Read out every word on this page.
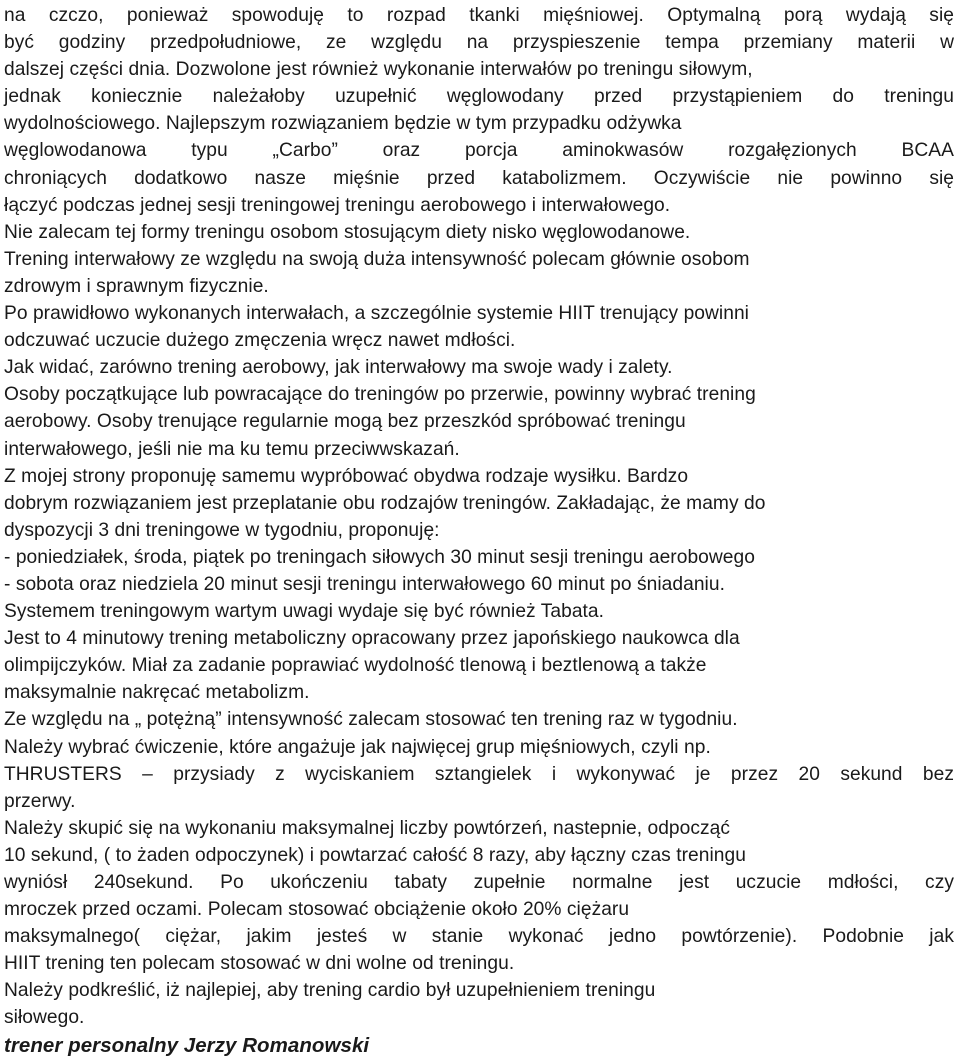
na czczo, ponieważ spowoduję to rozpad tkanki mięśniowej. Optymalną porą wydają się
być godziny przedpołudniowe, ze względu na przyspieszenie tempa przemiany materii w
dalszej części dnia. Dozwolone jest również wykonanie interwałów po treningu siłowym,
jednak koniecznie należałoby uzupełnić węglowodany przed przystąpieniem do treningu
wydolnościowego. Najlepszym rozwiązaniem będzie w tym przypadku odżywka
węglowodanowa typu „Carbo” oraz porcja aminokwasów rozgałęzionych BCAA
chroniących dodatkowo nasze mięśnie przed katabolizmem. Oczywiście nie powinno się
łączyć podczas jednej sesji treningowej treningu aerobowego i interwałowego.
Nie zalecam tej formy treningu osobom stosującym diety nisko węglowodanowe.
Trening interwałowy ze względu na swoją duża intensywność polecam głównie osobom
zdrowym i sprawnym fizycznie.
Po prawidłowo wykonanych interwałach, a szczególnie systemie HIIT trenujący powinni
odczuwać uczucie dużego zmęczenia wręcz nawet mdłości.
Jak widać, zarówno trening aerobowy, jak interwałowy ma swoje wady i zalety.
Osoby początkujące lub powracające do treningów po przerwie, powinny wybrać trening
aerobowy. Osoby trenujące regularnie mogą bez przeszkód spróbować treningu
interwałowego, jeśli nie ma ku temu przeciwwskazań.
Z mojej strony proponuję samemu wypróbować obydwa rodzaje wysiłku. Bardzo
dobrym rozwiązaniem jest przeplatanie obu rodzajów treningów. Zakładając, że mamy do
dyspozycji 3 dni treningowe w tygodniu, proponuję:
- poniedziałek, środa, piątek po treningach siłowych 30 minut sesji treningu aerobowego
- sobota oraz niedziela 20 minut sesji treningu interwałowego 60 minut po śniadaniu.
Systemem treningowym wartym uwagi wydaje się być również Tabata.
Jest to 4 minutowy trening metaboliczny opracowany przez japońskiego naukowca dla
olimpijczyków. Miał za zadanie poprawiać wydolność tlenową i beztlenową a także
maksymalnie nakręcać metabolizm.
Ze względu na „ potężną” intensywność zalecam stosować ten trening raz w tygodniu.
Należy wybrać ćwiczenie, które angażuje jak najwięcej grup mięśniowych, czyli np.
THRUSTERS – przysiady z wyciskaniem sztangielek i wykonywać je przez 20 sekund bez
przerwy.
Należy skupić się na wykonaniu maksymalnej liczby powtórzeń, nastepnie, odpocząć
10 sekund, ( to żaden odpoczynek) i powtarzać całość 8 razy, aby łączny czas treningu
wyniósł 240sekund. Po ukończeniu tabaty zupełnie normalne jest uczucie mdłości, czy
mroczek przed oczami. Polecam stosować obciążenie około 20% ciężaru
maksymalnego( ciężar, jakim jesteś w stanie wykonać jedno powtórzenie). Podobnie jak
HIIT trening ten polecam stosować w dni wolne od treningu.
Należy podkreślić, iż najlepiej, aby trening cardio był uzupełnieniem treningu
siłowego.
trener personalny Jerzy Romanowski
